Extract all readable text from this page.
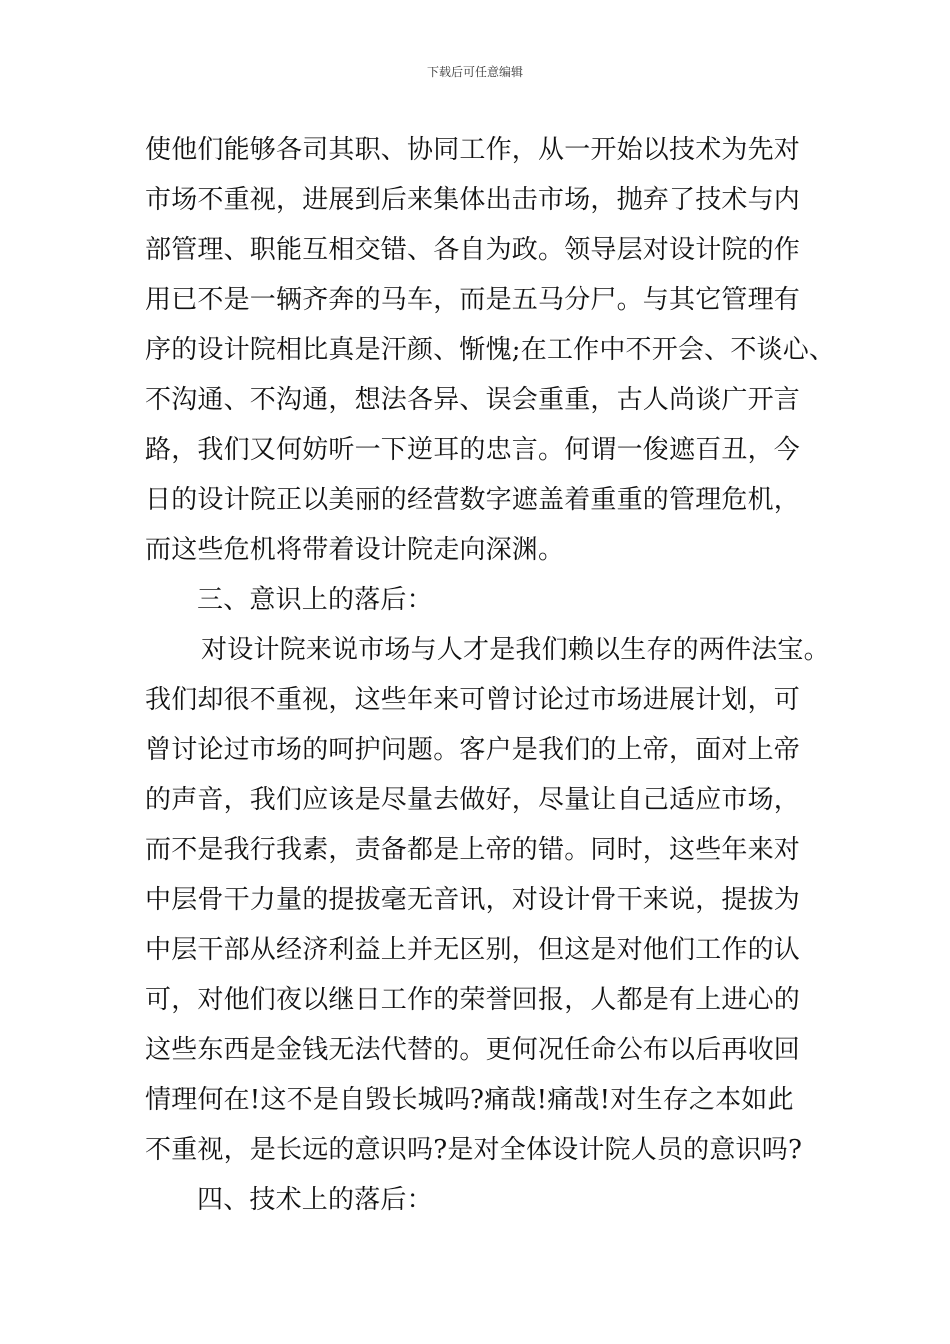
下载后可任意编辑
使他们能够各司其职、协同工作，从一开始以技术为先对
市场不重视，进展到后来集体出击市场，抛弃了技术与内
部管理、职能互相交错、各自为政。领导层对设计院的作
用已不是一辆齐奔的马车，而是五马分尸。与其它管理有
序的设计院相比真是汗颜、惭愧;在工作中不开会、不谈心、
不沟通、不沟通，想法各异、误会重重，古人尚谈广开言
路，我们又何妨听一下逆耳的忠言。何谓一俊遮百丑，今
日的设计院正以美丽的经营数字遮盖着重重的管理危机，
而这些危机将带着设计院走向深渊。
三、意识上的落后：
对设计院来说市场与人才是我们赖以生存的两件法宝。
我们却很不重视，这些年来可曾讨论过市场进展计划，可
曾讨论过市场的呵护问题。客户是我们的上帝，面对上帝
的声音，我们应该是尽量去做好，尽量让自己适应市场，
而不是我行我素，责备都是上帝的错。同时，这些年来对
中层骨干力量的提拔毫无音讯，对设计骨干来说，提拔为
中层干部从经济利益上并无区别，但这是对他们工作的认
可，对他们夜以继日工作的荣誉回报，人都是有上进心的
这些东西是金钱无法代替的。更何况任命公布以后再收回
情理何在!这不是自毁长城吗?痛哉!痛哉!对生存之本如此
不重视，是长远的意识吗?是对全体设计院人员的意识吗?
四、技术上的落后：
